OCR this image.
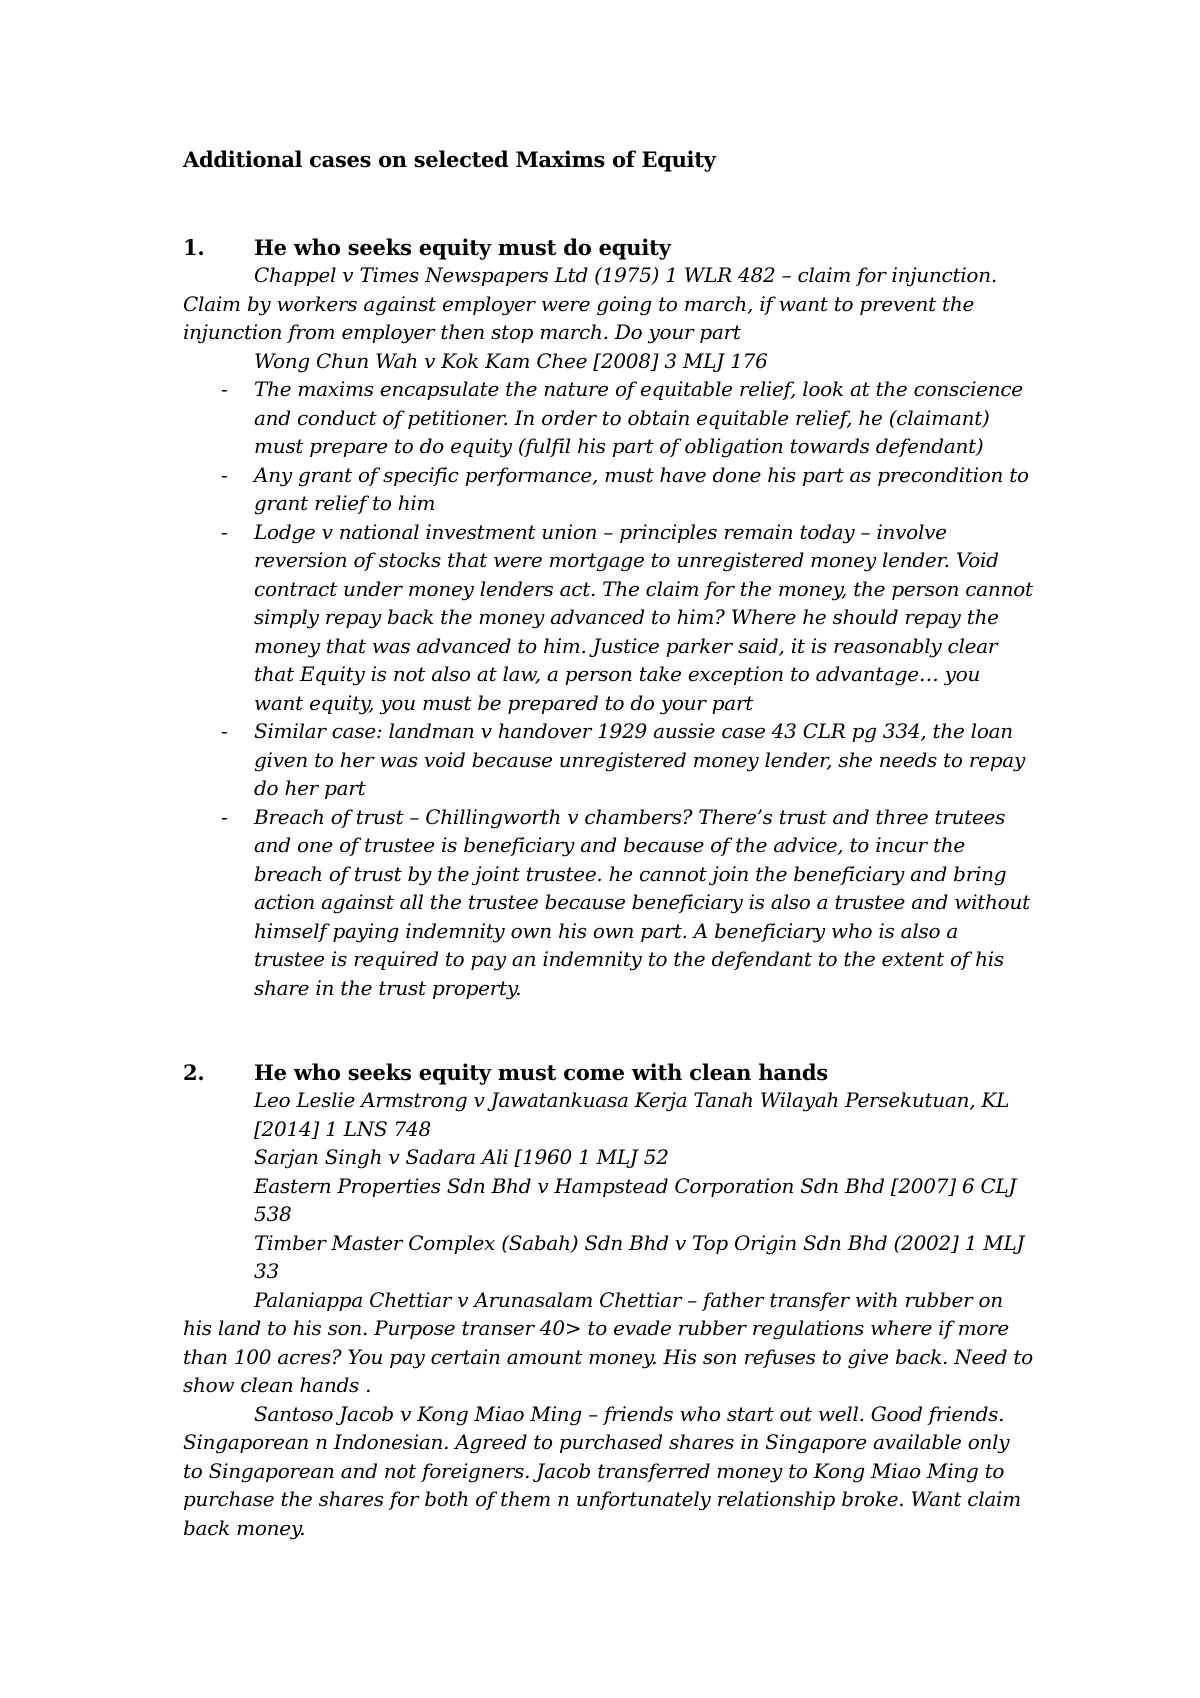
Additional cases on selected Maxims of Equity
1. He who seeks equity must do equity

Chappel v Times Newspapers Ltd (1975) 1 WLR 482 – claim for injunction. Claim by workers against employer were going to march, if want to prevent the injunction from employer then stop march. Do your part

Wong Chun Wah v Kok Kam Chee [2008] 3 MLJ 176

- The maxims encapsulate the nature of equitable relief, look at the conscience and conduct of petitioner. In order to obtain equitable relief, he (claimant) must prepare to do equity (fulfil his part of obligation towards defendant)
- Any grant of specific performance, must have done his part as precondition to grant relief to him
- Lodge v national investment union – principles remain today – involve reversion of stocks that were mortgage to unregistered money lender. Void contract under money lenders act. The claim for the money, the person cannot simply repay back the money advanced to him? Where he should repay the money that was advanced to him. Justice parker said, it is reasonably clear that Equity is not also at law, a person take exception to advantage… you want equity, you must be prepared to do your part
- Similar case: landman v handover 1929 aussie case 43 CLR pg 334, the loan given to her was void because unregistered money lender, she needs to repay do her part
- Breach of trust – Chillingworth v chambers? There’s trust and three trutees and one of trustee is beneficiary and because of the advice, to incur the breach of trust by the joint trustee. he cannot join the beneficiary and bring action against all the trustee because beneficiary is also a trustee and without himself paying indemnity own his own part. A beneficiary who is also a trustee is required to pay an indemnity to the defendant to the extent of his share in the trust property.
2. He who seeks equity must come with clean hands

Leo Leslie Armstrong v Jawatankuasa Kerja Tanah Wilayah Persekutuan, KL [2014] 1 LNS 748

Sarjan Singh v Sadara Ali [1960 1 MLJ 52

Eastern Properties Sdn Bhd v Hampstead Corporation Sdn Bhd [2007] 6 CLJ 538

Timber Master Complex (Sabah) Sdn Bhd v Top Origin Sdn Bhd (2002] 1 MLJ 33

Palaniappa Chettiar v Arunasalam Chettiar – father transfer with rubber on his land to his son. Purpose transer 40> to evade rubber regulations where if more than 100 acres? You pay certain amount money. His son refuses to give back. Need to show clean hands .

Santoso Jacob v Kong Miao Ming – friends who start out well. Good friends. Singaporean n Indonesian. Agreed to purchased shares in Singapore available only to Singaporean and not foreigners. Jacob transferred money to Kong Miao Ming to purchase the shares for both of them n unfortunately relationship broke. Want claim back money.
